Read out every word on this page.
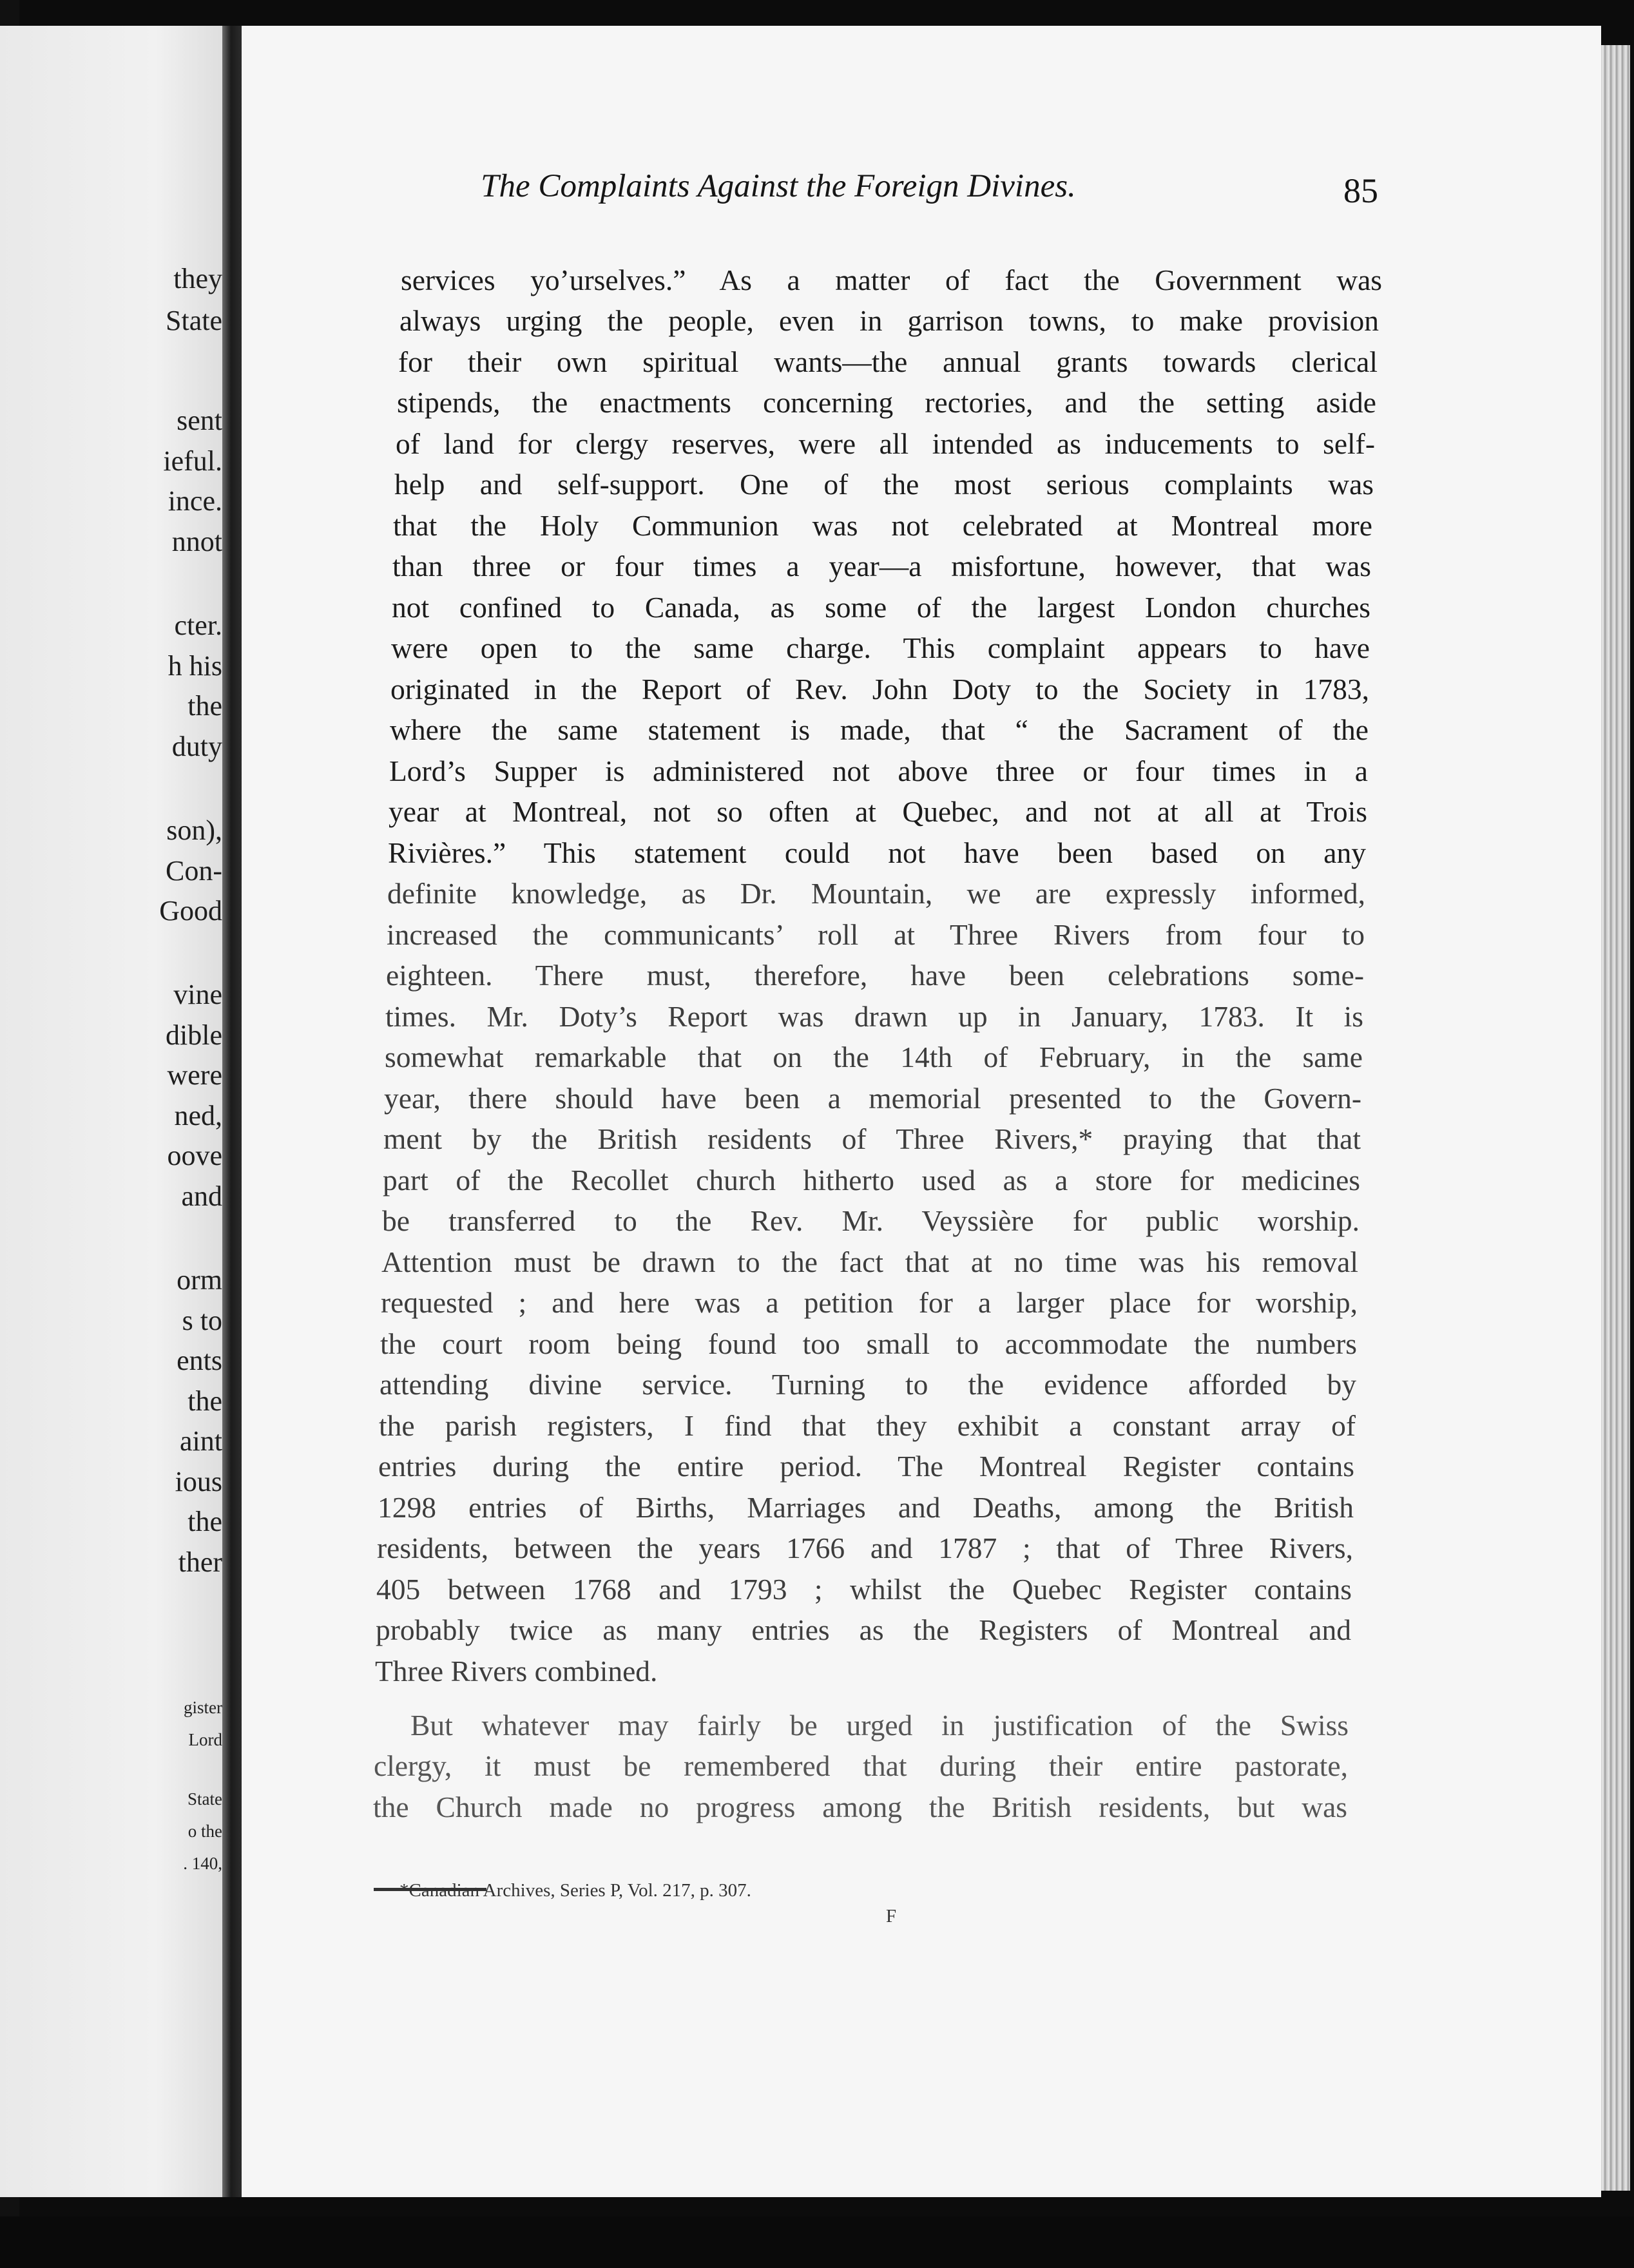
they
State
sent
ieful.
ince.
nnot
cter.
h his
the
duty
son),
Con-
Good
vine
dible
were
ned,
oove
and
orm
s to
ents
the
aint
ious
the
ther
gister
Lord
State
o the
. 140,
The Complaints Against the Foreign Divines.	85
services yo’urselves.” As a matter of fact the Government was
always urging the people, even in garrison towns, to make provision
for their own spiritual wants—the annual grants towards clerical
stipends, the enactments concerning rectories, and the setting aside
of land for clergy reserves, were all intended as inducements to self-
help and self-support. One of the most serious complaints was
that the Holy Communion was not celebrated at Montreal more
than three or four times a year—a misfortune, however, that was
not confined to Canada, as some of the largest London churches
were open to the same charge. This complaint appears to have
originated in the Report of Rev. John Doty to the Society in 1783,
where the same statement is made, that “ the Sacrament of the
Lord’s Supper is administered not above three or four times in a
year at Montreal, not so often at Quebec, and not at all at Trois
Rivières.” This statement could not have been based on any
definite knowledge, as Dr. Mountain, we are expressly informed,
increased the communicants’ roll at Three Rivers from four to
eighteen. There must, therefore, have been celebrations some-
times. Mr. Doty’s Report was drawn up in January, 1783. It is
somewhat remarkable that on the 14th of February, in the same
year, there should have been a memorial presented to the Govern-
ment by the British residents of Three Rivers,* praying that that
part of the Recollet church hitherto used as a store for medicines
be transferred to the Rev. Mr. Veyssière for public worship.
Attention must be drawn to the fact that at no time was his removal
requested ; and here was a petition for a larger place for worship,
the court room being found too small to accommodate the numbers
attending divine service. Turning to the evidence afforded by
the parish registers, I find that they exhibit a constant array of
entries during the entire period. The Montreal Register contains
1298 entries of Births, Marriages and Deaths, among the British
residents, between the years 1766 and 1787 ; that of Three Rivers,
405 between 1768 and 1793 ; whilst the Quebec Register contains
probably twice as many entries as the Registers of Montreal and
Three Rivers combined.
But whatever may fairly be urged in justification of the Swiss
clergy, it must be remembered that during their entire pastorate,
the Church made no progress among the British residents, but was
*Canadian Archives, Series P, Vol. 217, p. 307.
F
